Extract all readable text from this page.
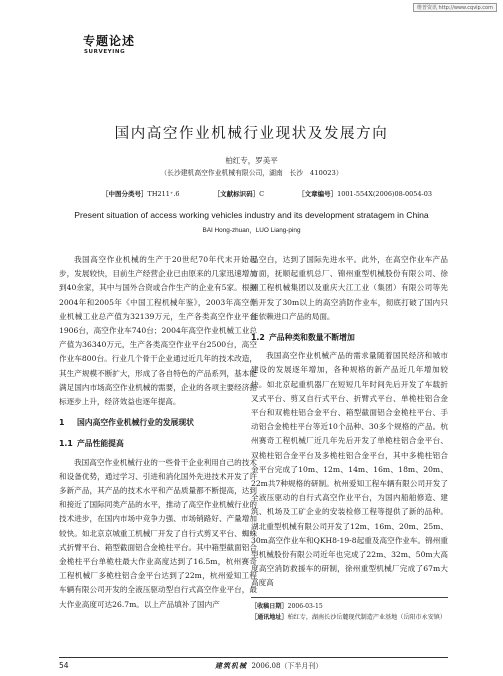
维普资讯 http://www.cqvip.com
专题论述
SURVEYING
国内高空作业机械行业现状及发展方向
柏红专，罗美平
（长沙建机高空作业机械有限公司，湖南　长沙　410023）
［中图分类号］TH211⁺.6	［文献标识码］C	［文章编号］1001-554X(2006)08-0054-03
Present situation of access working vehicles industry and its development stratagem in China
BAI Hong-zhuan，LUO Liang-ping

我国高空作业机械的生产于20世纪70年代末开始起步，发展较快，目前生产经营企业已由原来的几家迅速增加到40余家，其中与国外合资或合作生产的企业有5家。根据2004年和2005年《中国工程机械年鉴》，2003年高空作业机械工业总产值为32139万元，生产各类高空作业平台1906台，高空作业车740台；2004年高空作业机械工业总产值为36340万元，生产各类高空作业平台2500台，高空作业车800台。行业几个骨干企业通过近几年的技术改造，其生产规模不断扩大，形成了各自特色的产品系列，基本能满足国内市场高空作业机械的需要，企业的各项主要经济指标逐步上升，经济效益也逐年提高。

1 国内高空作业机械行业的发展现状
1.1 产品性能提高

我国高空作业机械行业的一些骨干企业利用自己的技术和设备优势，通过学习、引进和消化国外先进技术开发了许多新产品，其产品的技术水平和产品质量都不断提高，达到和接近了国际同类产品的水平，推动了高空作业机械行业的技术进步，在国内市场中竞争力强、市场销路好、产量增加较快。如北京京城重工机械厂开发了自行式剪叉平台、蜘蛛式折臂平台、箱型截面铝合金桅柱平台。其中箱型截面铝合金桅柱平台单桅柱最大作业高度达到了16.5m，杭州赛奇工程机械厂多桅柱铝合金平台达到了22m，杭州爱知工程车辆有限公司开发的全液压驱动型自行式高空作业平台，最大作业高度可达26.7m。以上产品填补了国内产

品空白，达到了国际先进水平。此外，在高空作业车产品方面，抚顺起重机总厂、锦州重型机械股份有限公司、徐州工程机械集团以及重庆大江工业（集团）有限公司等先后开发了30m以上的高空消防作业车，彻底打破了国内只能依赖进口产品的局面。

1.2 产品种类和数量不断增加

我国高空作业机械产品的需求量随着国民经济和城市建设的发展逐年增加，各种规格的新产品近几年增加较快。如北京起重机器厂在短短几年时间先后开发了车载折叉式平台、剪叉自行式平台、折臂式平台、单桅柱铝合金平台和双桅柱铝合金平台、箱型截面铝合金桅柱平台、手动铝合金桅柱平台等近10个品种、30多个规格的产品。杭州赛奇工程机械厂近几年先后开发了单桅柱铝合金平台、双桅柱铝合金平台及多桅柱铝合金平台，其中多桅柱铝合金平台完成了10m、12m、14m、16m、18m、20m、22m共7种规格的研制。杭州爱知工程车辆有限公司开发了全液压驱动的自行式高空作业平台，为国内船舶修造、建筑、机场及工矿企业的安装检修工程等提供了新的品种。湖北重型机械有限公司开发了12m、16m、20m、25m、30m高空作业车和QKH8-19-8起重及高空作业车。锦州重型机械股份有限公司近年也完成了22m、32m、50m大高度高空消防救援车的研制，徐州重型机械厂完成了67m大高度高

［收稿日期］2006-03-15
［通讯地址］柏红专，湖南长沙岳麓现代制造产业基地（岳阳市永安镇）
54	建筑机械 2006.08（下半月刊）
